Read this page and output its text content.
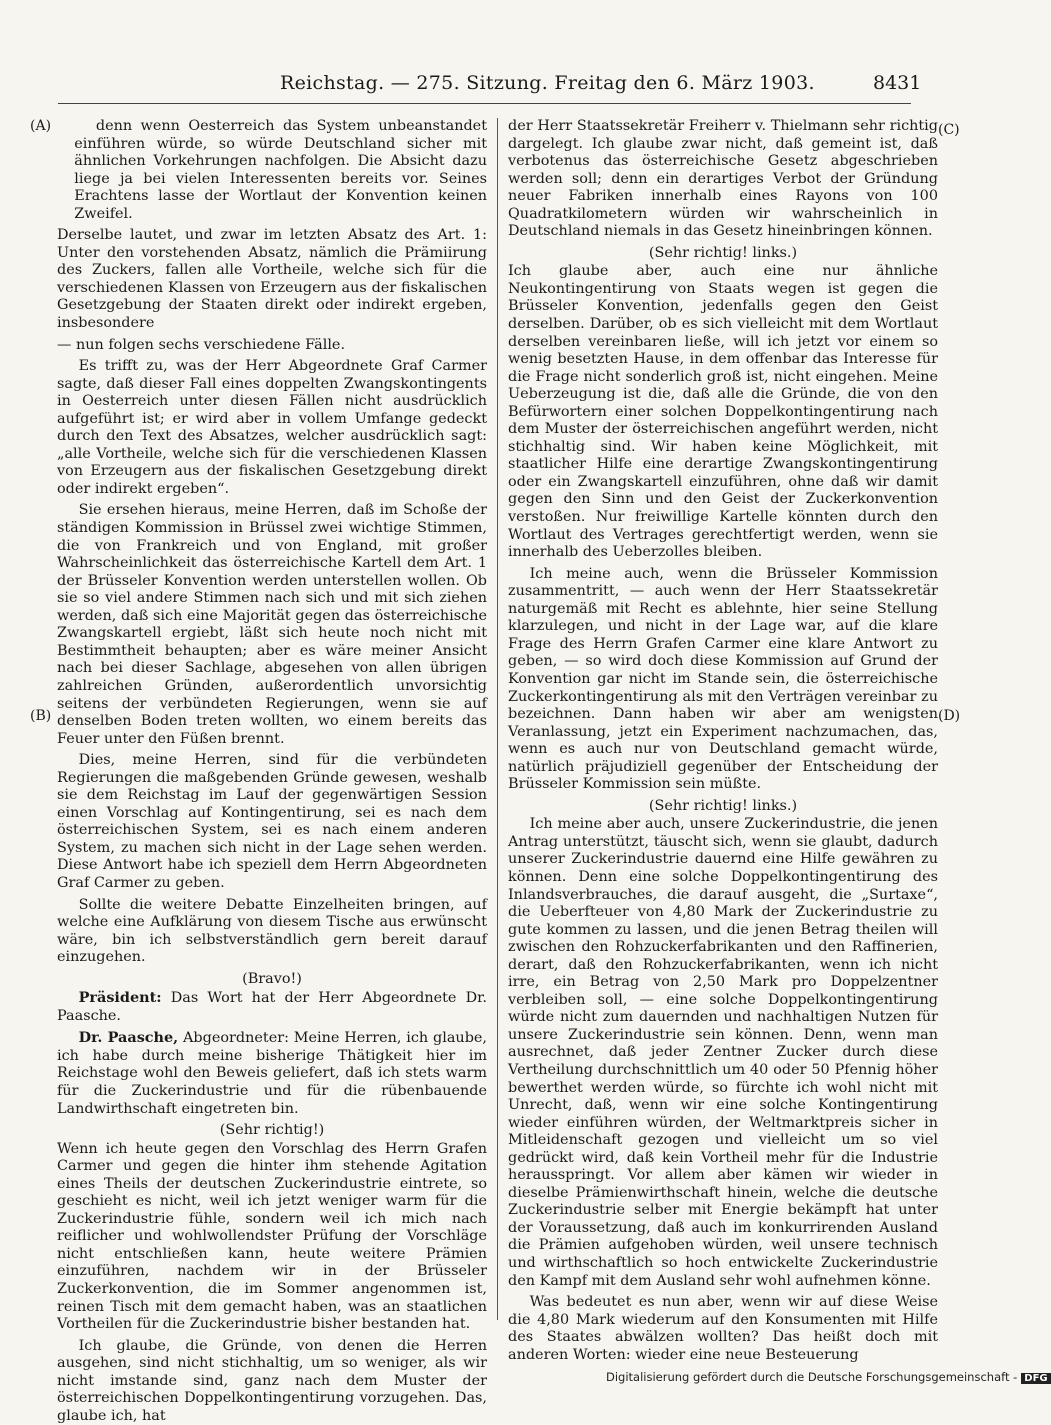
Reichstag. — 275. Sitzung. Freitag den 6. März 1903.	8431
(A)
(B)
(C)
(D)

denn wenn Oesterreich das System unbeanstandet einführen würde, so würde Deutschland sicher mit ähnlichen Vorkehrungen nachfolgen. Die Absicht dazu liege ja bei vielen Interessenten bereits vor. Seines Erachtens lasse der Wortlaut der Konvention keinen Zweifel.

Derselbe lautet, und zwar im letzten Absatz des Art. 1: Unter den vorstehenden Absatz, nämlich die Prämiirung des Zuckers, fallen alle Vortheile, welche sich für die verschiedenen Klassen von Erzeugern aus der fiskalischen Gesetzgebung der Staaten direkt oder indirekt ergeben, insbesondere

— nun folgen sechs verschiedene Fälle.

Es trifft zu, was der Herr Abgeordnete Graf Carmer sagte, daß dieser Fall eines doppelten Zwangskontingents in Oesterreich unter diesen Fällen nicht ausdrücklich aufgeführt ist; er wird aber in vollem Umfange gedeckt durch den Text des Absatzes, welcher ausdrücklich sagt: „alle Vortheile, welche sich für die verschiedenen Klassen von Erzeugern aus der fiskalischen Gesetzgebung direkt oder indirekt ergeben“.

Sie ersehen hieraus, meine Herren, daß im Schoße der ständigen Kommission in Brüssel zwei wichtige Stimmen, die von Frankreich und von England, mit großer Wahrscheinlichkeit das österreichische Kartell dem Art. 1 der Brüsseler Konvention werden unterstellen wollen. Ob sie so viel andere Stimmen nach sich und mit sich ziehen werden, daß sich eine Majorität gegen das österreichische Zwangskartell ergiebt, läßt sich heute noch nicht mit Bestimmtheit behaupten; aber es wäre meiner Ansicht nach bei dieser Sachlage, abgesehen von allen übrigen zahlreichen Gründen, außerordentlich unvorsichtig seitens der verbündeten Regierungen, wenn sie auf denselben Boden treten wollten, wo einem bereits das Feuer unter den Füßen brennt.

Dies, meine Herren, sind für die verbündeten Regierungen die maßgebenden Gründe gewesen, weshalb sie dem Reichstag im Lauf der gegenwärtigen Session einen Vorschlag auf Kontingentirung, sei es nach dem österreichischen System, sei es nach einem anderen System, zu machen sich nicht in der Lage sehen werden. Diese Antwort habe ich speziell dem Herrn Abgeordneten Graf Carmer zu geben.

Sollte die weitere Debatte Einzelheiten bringen, auf welche eine Aufklärung von diesem Tische aus erwünscht wäre, bin ich selbstverständlich gern bereit darauf einzugehen.

(Bravo!)

Präsident: Das Wort hat der Herr Abgeordnete Dr. Paasche.

Dr. Paasche, Abgeordneter: Meine Herren, ich glaube, ich habe durch meine bisherige Thätigkeit hier im Reichstage wohl den Beweis geliefert, daß ich stets warm für die Zuckerindustrie und für die rübenbauende Landwirthschaft eingetreten bin.

(Sehr richtig!)

Wenn ich heute gegen den Vorschlag des Herrn Grafen Carmer und gegen die hinter ihm stehende Agitation eines Theils der deutschen Zuckerindustrie eintrete, so geschieht es nicht, weil ich jetzt weniger warm für die Zuckerindustrie fühle, sondern weil ich mich nach reiflicher und wohlwollendster Prüfung der Vorschläge nicht entschließen kann, heute weitere Prämien einzuführen, nachdem wir in der Brüsseler Zuckerkonvention, die im Sommer angenommen ist, reinen Tisch mit dem gemacht haben, was an staatlichen Vortheilen für die Zuckerindustrie bisher bestanden hat.

Ich glaube, die Gründe, von denen die Herren ausgehen, sind nicht stichhaltig, um so weniger, als wir nicht imstande sind, ganz nach dem Muster der österreichischen Doppelkontingentirung vorzugehen. Das, glaube ich, hat

der Herr Staatssekretär Freiherr v. Thielmann sehr richtig dargelegt. Ich glaube zwar nicht, daß gemeint ist, daß verbotenus das österreichische Gesetz abgeschrieben werden soll; denn ein derartiges Verbot der Gründung neuer Fabriken innerhalb eines Rayons von 100 Quadratkilometern würden wir wahrscheinlich in Deutschland niemals in das Gesetz hineinbringen können.

(Sehr richtig! links.)

Ich glaube aber, auch eine nur ähnliche Neukontingentirung von Staats wegen ist gegen die Brüsseler Konvention, jedenfalls gegen den Geist derselben. Darüber, ob es sich vielleicht mit dem Wortlaut derselben vereinbaren ließe, will ich jetzt vor einem so wenig besetzten Hause, in dem offenbar das Interesse für die Frage nicht sonderlich groß ist, nicht eingehen. Meine Ueberzeugung ist die, daß alle die Gründe, die von den Befürwortern einer solchen Doppelkontingentirung nach dem Muster der österreichischen angeführt werden, nicht stichhaltig sind. Wir haben keine Möglichkeit, mit staatlicher Hilfe eine derartige Zwangskontingentirung oder ein Zwangskartell einzuführen, ohne daß wir damit gegen den Sinn und den Geist der Zuckerkonvention verstoßen. Nur freiwillige Kartelle könnten durch den Wortlaut des Vertrages gerechtfertigt werden, wenn sie innerhalb des Ueberzolles bleiben.

Ich meine auch, wenn die Brüsseler Kommission zusammentritt, — auch wenn der Herr Staatssekretär naturgemäß mit Recht es ablehnte, hier seine Stellung klarzulegen, und nicht in der Lage war, auf die klare Frage des Herrn Grafen Carmer eine klare Antwort zu geben, — so wird doch diese Kommission auf Grund der Konvention gar nicht im Stande sein, die österreichische Zuckerkontingentirung als mit den Verträgen vereinbar zu bezeichnen. Dann haben wir aber am wenigsten Veranlassung, jetzt ein Experiment nachzumachen, das, wenn es auch nur von Deutschland gemacht würde, natürlich präjudiziell gegenüber der Entscheidung der Brüsseler Kommission sein müßte.

(Sehr richtig! links.)

Ich meine aber auch, unsere Zuckerindustrie, die jenen Antrag unterstützt, täuscht sich, wenn sie glaubt, dadurch unserer Zuckerindustrie dauernd eine Hilfe gewähren zu können. Denn eine solche Doppelkontingentirung des Inlandsverbrauches, die darauf ausgeht, die „Surtaxe“, die Ueberfteuer von 4,80 Mark der Zuckerindustrie zu gute kommen zu lassen, und die jenen Betrag theilen will zwischen den Rohzuckerfabrikanten und den Raffinerien, derart, daß den Rohzuckerfabrikanten, wenn ich nicht irre, ein Betrag von 2,50 Mark pro Doppelzentner verbleiben soll, — eine solche Doppelkontingentirung würde nicht zum dauernden und nachhaltigen Nutzen für unsere Zuckerindustrie sein können. Denn, wenn man ausrechnet, daß jeder Zentner Zucker durch diese Vertheilung durchschnittlich um 40 oder 50 Pfennig höher bewerthet werden würde, so fürchte ich wohl nicht mit Unrecht, daß, wenn wir eine solche Kontingentirung wieder einführen würden, der Weltmarktpreis sicher in Mitleidenschaft gezogen und vielleicht um so viel gedrückt wird, daß kein Vortheil mehr für die Industrie herausspringt. Vor allem aber kämen wir wieder in dieselbe Prämienwirthschaft hinein, welche die deutsche Zuckerindustrie selber mit Energie bekämpft hat unter der Voraussetzung, daß auch im konkurrirenden Ausland die Prämien aufgehoben würden, weil unsere technisch und wirthschaftlich so hoch entwickelte Zuckerindustrie den Kampf mit dem Ausland sehr wohl aufnehmen könne.

Was bedeutet es nun aber, wenn wir auf diese Weise die 4,80 Mark wiederum auf den Konsumenten mit Hilfe des Staates abwälzen wollten? Das heißt doch mit anderen Worten: wieder eine neue Besteuerung

Digitalisierung gefördert durch die Deutsche Forschungsgemeinschaft - DFG
